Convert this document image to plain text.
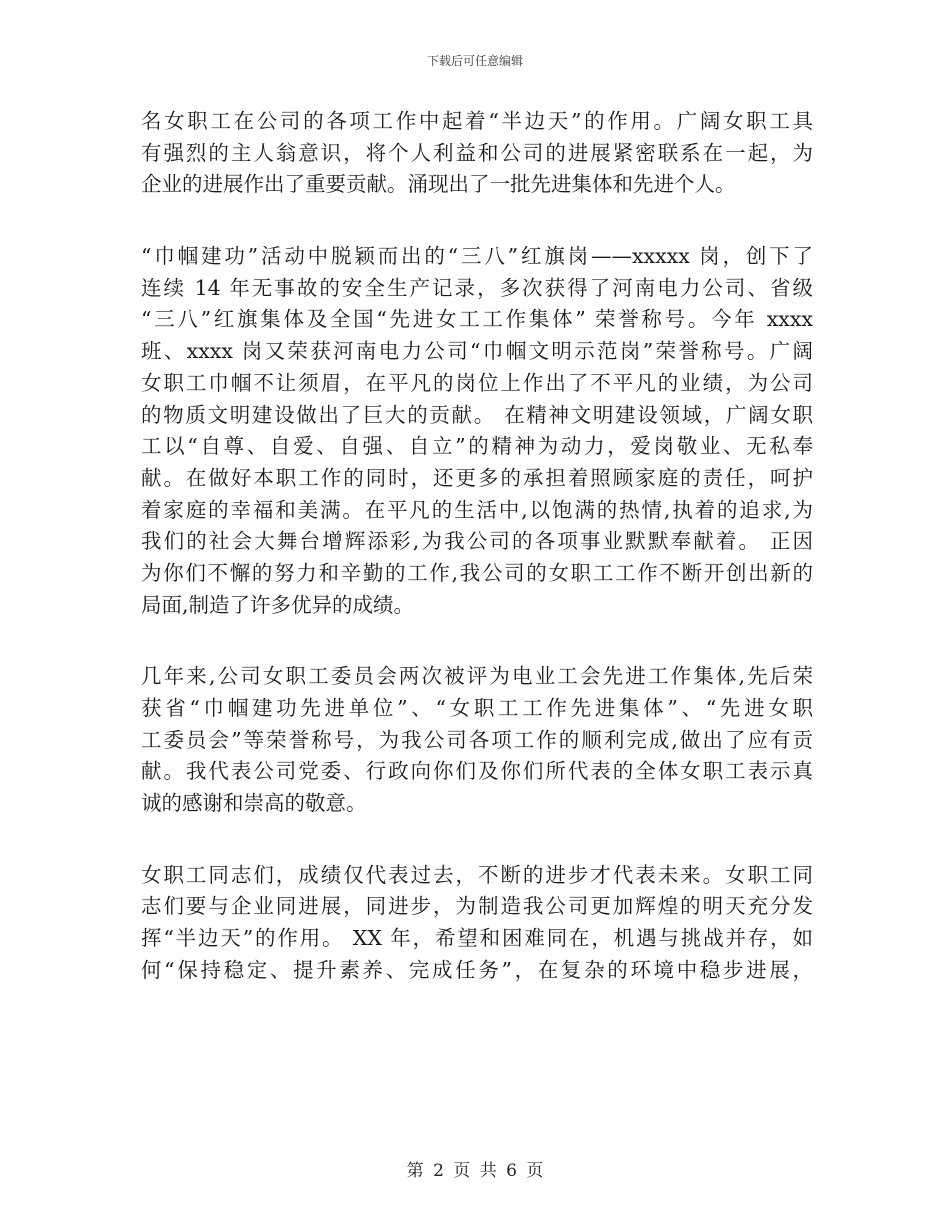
下载后可任意编辑
名女职工在公司的各项工作中起着“半边天”的作用。广阔女职工具
有强烈的主人翁意识，将个人利益和公司的进展紧密联系在一起，为
企业的进展作出了重要贡献。涌现出了一批先进集体和先进个人。
“巾帼建功”活动中脱颖而出的“三八”红旗岗——xxxxx 岗，创下了
连续 14 年无事故的安全生产记录，多次获得了河南电力公司、省级
“三八”红旗集体及全国“先进女工工作集体” 荣誉称号。今年 xxxx
班、xxxx 岗又荣获河南电力公司“巾帼文明示范岗”荣誉称号。广阔
女职工巾帼不让须眉，在平凡的岗位上作出了不平凡的业绩，为公司
的物质文明建设做出了巨大的贡献。 在精神文明建设领域，广阔女职
工以“自尊、自爱、自强、自立”的精神为动力，爱岗敬业、无私奉
献。在做好本职工作的同时，还更多的承担着照顾家庭的责任，呵护
着家庭的幸福和美满。在平凡的生活中,以饱满的热情,执着的追求,为
我们的社会大舞台增辉添彩,为我公司的各项事业默默奉献着。 正因
为你们不懈的努力和辛勤的工作,我公司的女职工工作不断开创出新的
局面,制造了许多优异的成绩。
几年来,公司女职工委员会两次被评为电业工会先进工作集体,先后荣
获省“巾帼建功先进单位”、“女职工工作先进集体”、“先进女职
工委员会”等荣誉称号，为我公司各项工作的顺利完成,做出了应有贡
献。我代表公司党委、行政向你们及你们所代表的全体女职工表示真
诚的感谢和崇高的敬意。
女职工同志们，成绩仅代表过去，不断的进步才代表未来。女职工同
志们要与企业同进展，同进步，为制造我公司更加辉煌的明天充分发
挥“半边天”的作用。 XX 年，希望和困难同在，机遇与挑战并存，如
何“保持稳定、提升素养、完成任务”，在复杂的环境中稳步进展，
第 2 页 共 6 页
